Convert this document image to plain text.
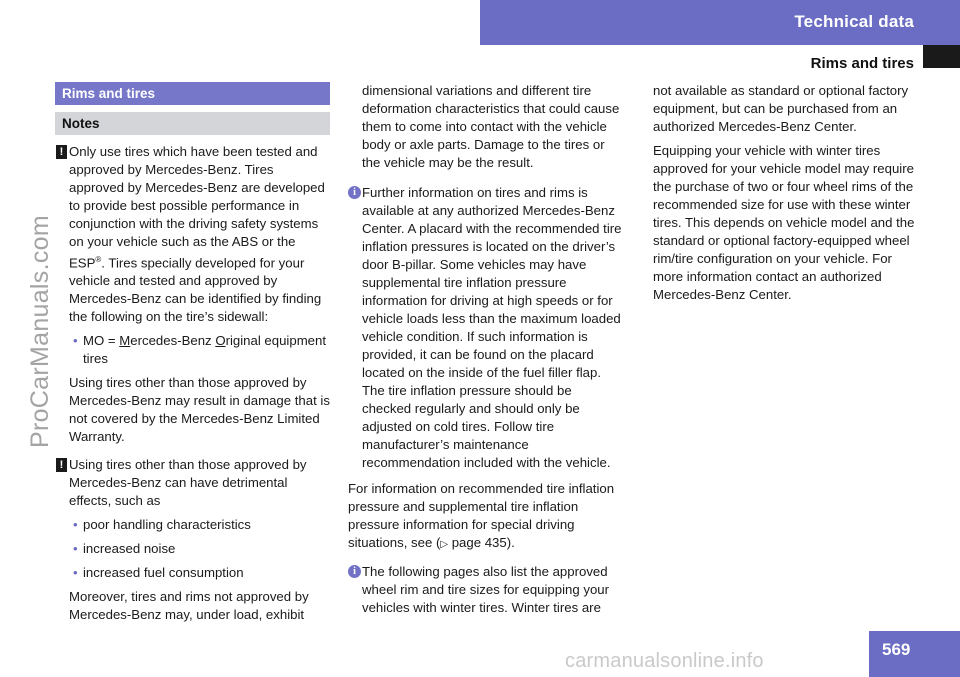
Technical data
Rims and tires
ProCarManuals.com
Rims and tires
Notes
! Only use tires which have been tested and approved by Mercedes-Benz. Tires approved by Mercedes-Benz are developed to provide best possible performance in conjunction with the driving safety systems on your vehicle such as the ABS or the ESP®. Tires specially developed for your vehicle and tested and approved by Mercedes-Benz can be identified by finding the following on the tire’s sidewall:

• MO = Mercedes-Benz Original equipment tires

Using tires other than those approved by Mercedes-Benz may result in damage that is not covered by the Mercedes-Benz Limited Warranty.

! Using tires other than those approved by Mercedes-Benz can have detrimental effects, such as

• poor handling characteristics
• increased noise
• increased fuel consumption

Moreover, tires and rims not approved by Mercedes-Benz may, under load, exhibit

dimensional variations and different tire deformation characteristics that could cause them to come into contact with the vehicle body or axle parts. Damage to the tires or the vehicle may be the result.

i Further information on tires and rims is available at any authorized Mercedes-Benz Center. A placard with the recommended tire inflation pressures is located on the driver’s door B-pillar. Some vehicles may have supplemental tire inflation pressure information for driving at high speeds or for vehicle loads less than the maximum loaded vehicle condition. If such information is provided, it can be found on the placard located on the inside of the fuel filler flap. The tire inflation pressure should be checked regularly and should only be adjusted on cold tires. Follow tire manufacturer’s maintenance recommendation included with the vehicle.

For information on recommended tire inflation pressure and supplemental tire inflation pressure information for special driving situations, see (▷ page 435).

i The following pages also list the approved wheel rim and tire sizes for equipping your vehicles with winter tires. Winter tires are

not available as standard or optional factory equipment, but can be purchased from an authorized Mercedes-Benz Center.

Equipping your vehicle with winter tires approved for your vehicle model may require the purchase of two or four wheel rims of the recommended size for use with these winter tires. This depends on vehicle model and the standard or optional factory-equipped wheel rim/tire configuration on your vehicle. For more information contact an authorized Mercedes-Benz Center.

carmanualsonline.info
569
